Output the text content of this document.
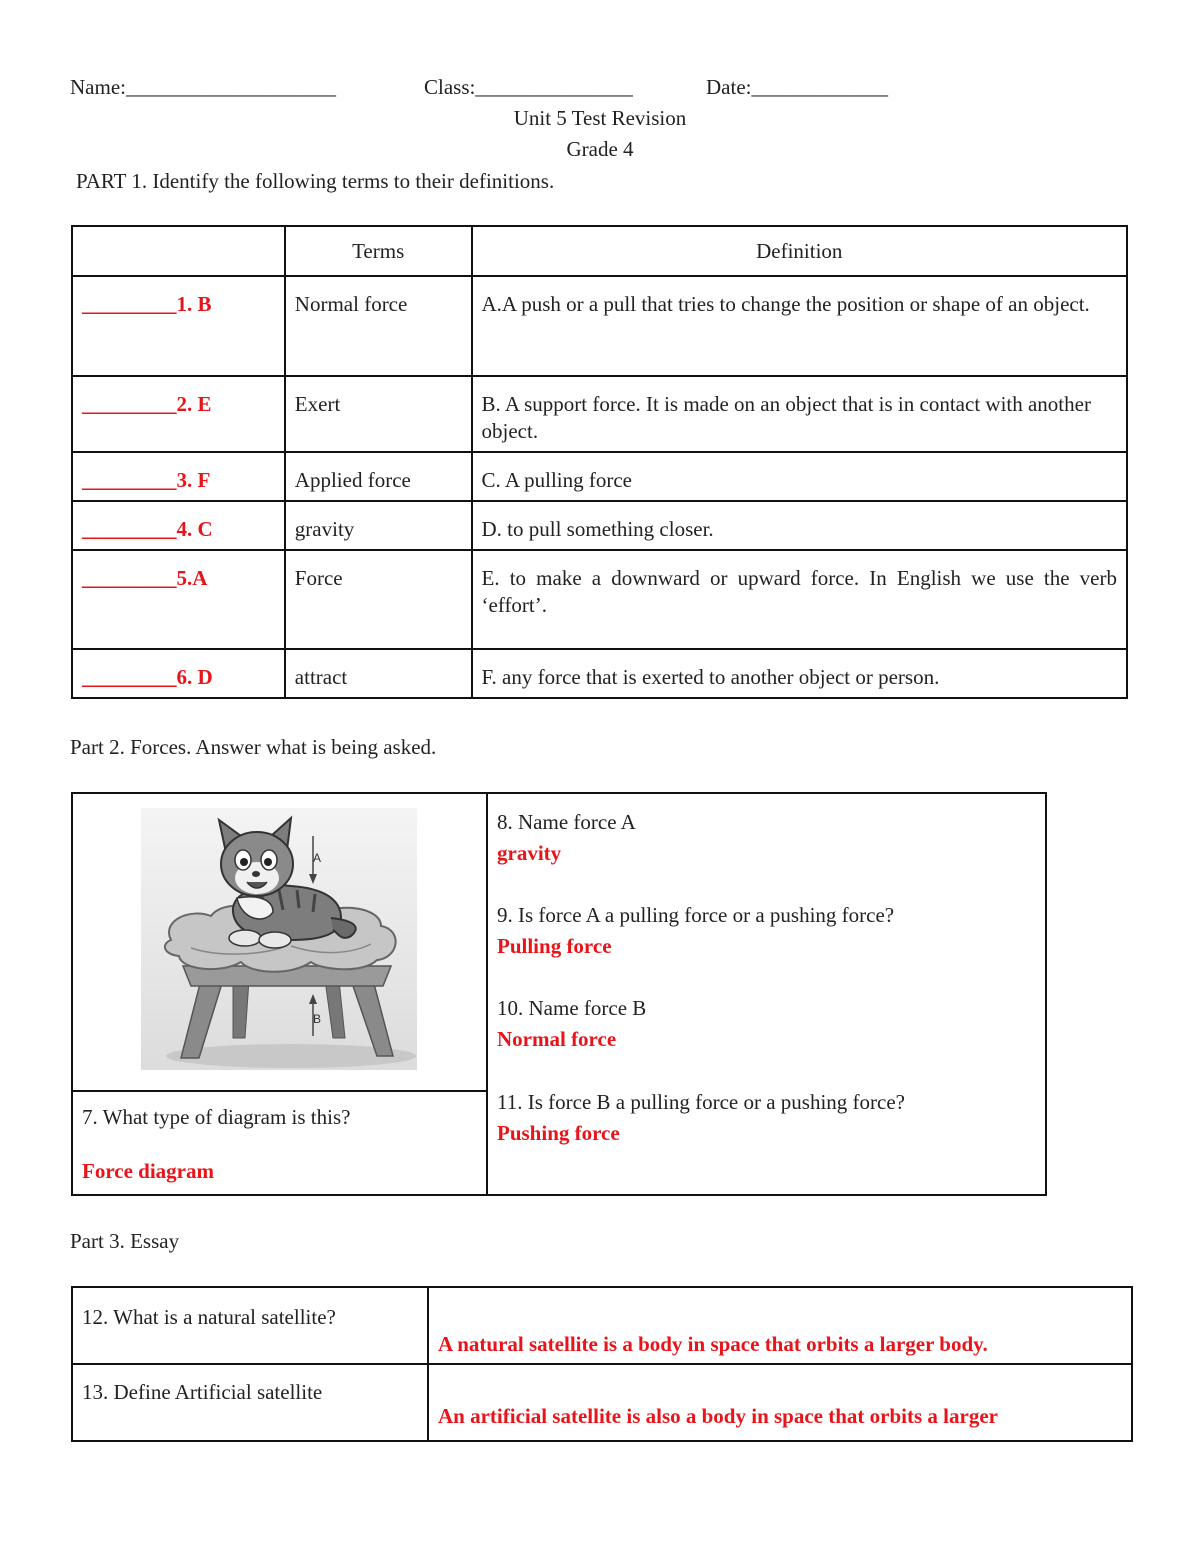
Name:____________________	Class:_______________	Date:_____________
Unit 5 Test Revision
Grade 4
PART 1. Identify the following terms to their definitions.
	Terms	Definition
_________1. B	Normal force	A.A push or a pull that tries to change the position or shape of an object.
_________2. E	Exert	B. A support force. It is made on an object that is in contact with another object.
_________3. F	Applied force	C. A pulling force
_________4. C	gravity	D. to pull something closer.
_________5.A	Force	E. to make a downward or upward force. In English we use the verb ‘effort’.
_________6. D	attract	F. any force that is exerted to another object or person.
Part 2. Forces. Answer what is being asked.
A
B
7. What type of diagram is this?
Force diagram
8. Name force A
gravity
9. Is force A a pulling force or a pushing force?
Pulling force
10. Name force B
Normal force
11. Is force B a pulling force or a pushing force?
Pushing force
Part 3. Essay
12. What is a natural satellite?
A natural satellite is a body in space that orbits a larger body.
13. Define Artificial satellite
An artificial satellite is also a body in space that orbits a larger
